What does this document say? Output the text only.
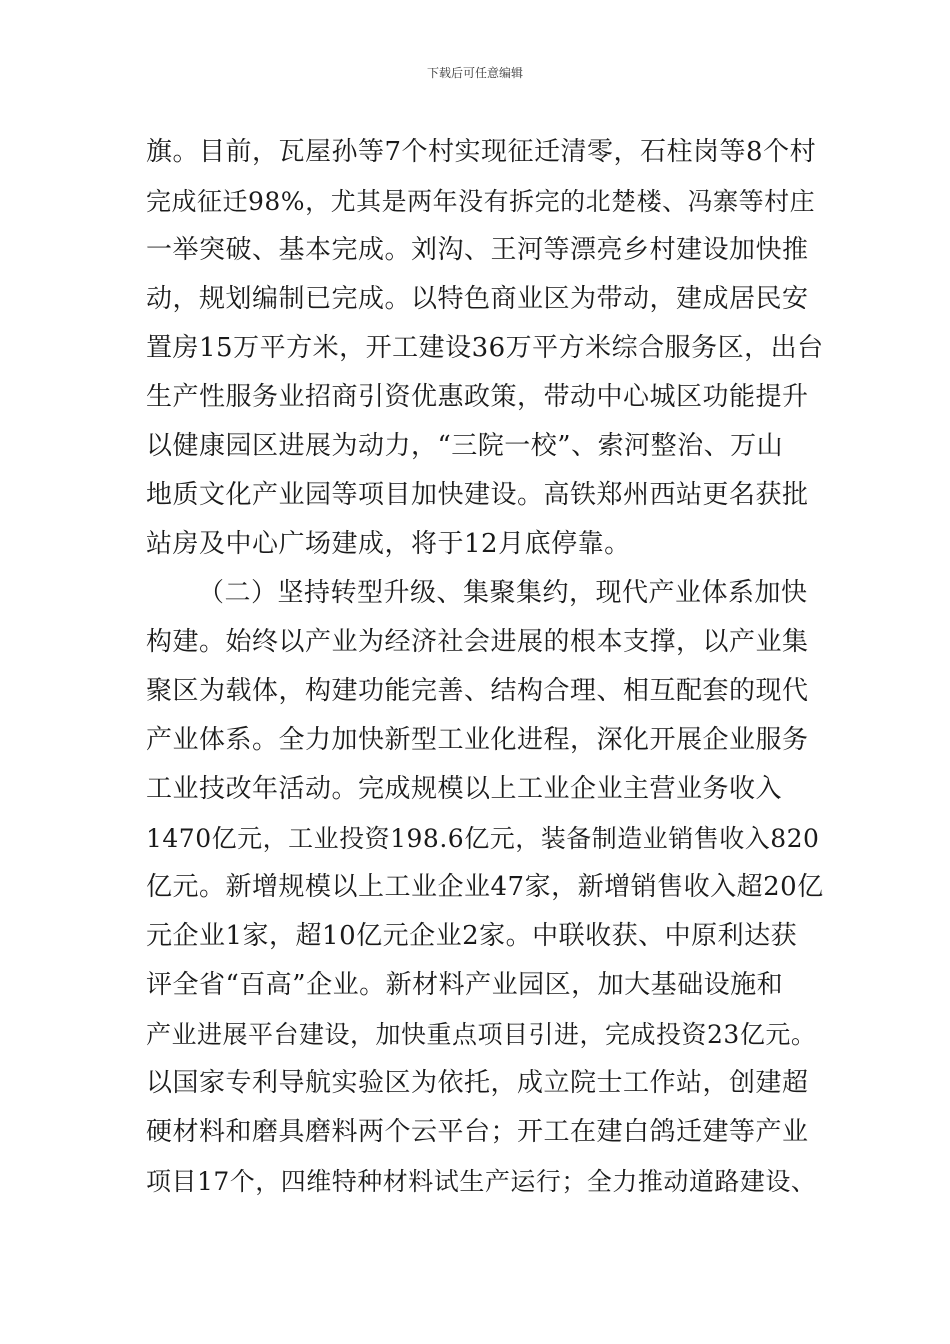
下载后可任意编辑
旗。目前，瓦屋孙等7个村实现征迁清零，石柱岗等8个村
完成征迁98%，尤其是两年没有拆完的北楚楼、冯寨等村庄
一举突破、基本完成。刘沟、王河等漂亮乡村建设加快推
动，规划编制已完成。以特色商业区为带动，建成居民安
置房15万平方米，开工建设36万平方米综合服务区，出台
生产性服务业招商引资优惠政策，带动中心城区功能提升
以健康园区进展为动力，“三院一校”、索河整治、万山
地质文化产业园等项目加快建设。高铁郑州西站更名获批
站房及中心广场建成，将于12月底停靠。
（二）坚持转型升级、集聚集约，现代产业体系加快
构建。始终以产业为经济社会进展的根本支撑，以产业集
聚区为载体，构建功能完善、结构合理、相互配套的现代
产业体系。全力加快新型工业化进程，深化开展企业服务
工业技改年活动。完成规模以上工业企业主营业务收入
1470亿元，工业投资198.6亿元，装备制造业销售收入820
亿元。新增规模以上工业企业47家，新增销售收入超20亿
元企业1家，超10亿元企业2家。中联收获、中原利达获
评全省“百高”企业。新材料产业园区，加大基础设施和
产业进展平台建设，加快重点项目引进，完成投资23亿元。
以国家专利导航实验区为依托，成立院士工作站，创建超
硬材料和磨具磨料两个云平台；开工在建白鸽迁建等产业
项目17个，四维特种材料试生产运行；全力推动道路建设、
